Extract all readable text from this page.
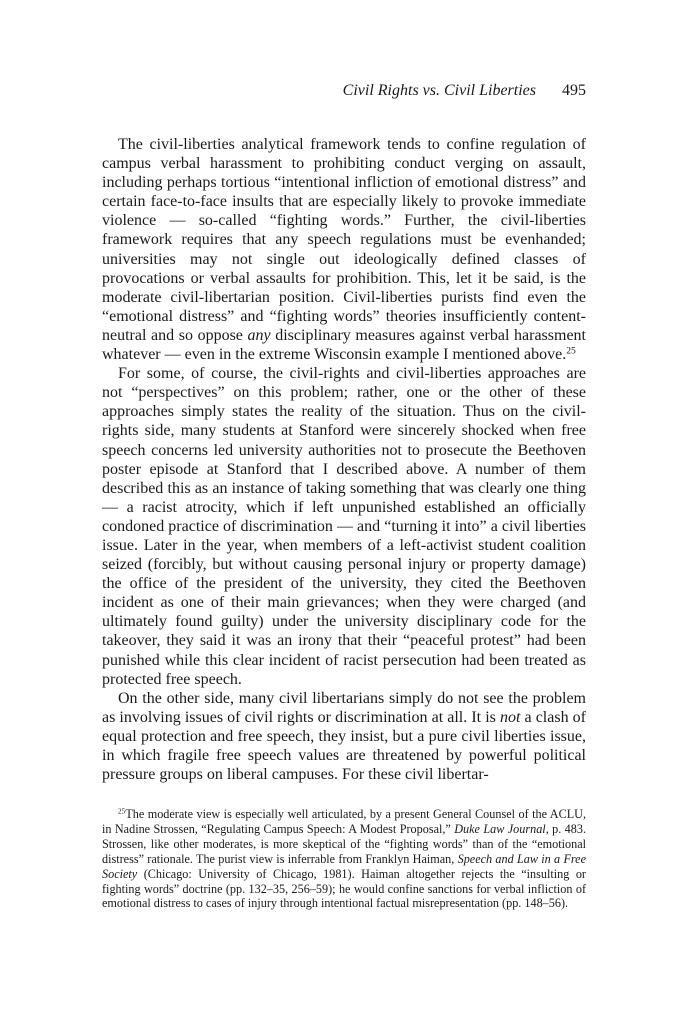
Civil Rights vs. Civil Liberties 495

The civil-liberties analytical framework tends to confine regulation of campus verbal harassment to prohibiting conduct verging on assault, including perhaps tortious “intentional infliction of emotional distress” and certain face-to-face insults that are especially likely to provoke immediate violence — so-called “fighting words.” Further, the civil-liberties framework requires that any speech regulations must be evenhanded; universities may not single out ideologically defined classes of provocations or verbal assaults for prohibition. This, let it be said, is the moderate civil-libertarian position. Civil-liberties purists find even the “emotional distress” and “fighting words” theories insufficiently content-neutral and so oppose any disciplinary measures against verbal harassment whatever — even in the extreme Wisconsin example I mentioned above.$^{25}$

For some, of course, the civil-rights and civil-liberties approaches are not “perspectives” on this problem; rather, one or the other of these approaches simply states the reality of the situation. Thus on the civil-rights side, many students at Stanford were sincerely shocked when free speech concerns led university authorities not to prosecute the Beethoven poster episode at Stanford that I described above. A number of them described this as an instance of taking something that was clearly one thing — a racist atrocity, which if left unpunished established an officially condoned practice of discrimination — and “turning it into” a civil liberties issue. Later in the year, when members of a left-activist student coalition seized (forcibly, but without causing personal injury or property damage) the office of the president of the university, they cited the Beethoven incident as one of their main grievances; when they were charged (and ultimately found guilty) under the university disciplinary code for the takeover, they said it was an irony that their “peaceful protest” had been punished while this clear incident of racist persecution had been treated as protected free speech.

On the other side, many civil libertarians simply do not see the problem as involving issues of civil rights or discrimination at all. It is not a clash of equal protection and free speech, they insist, but a pure civil liberties issue, in which fragile free speech values are threatened by powerful political pressure groups on liberal campuses. For these civil libertar-

$^{25}$The moderate view is especially well articulated, by a present General Counsel of the ACLU, in Nadine Strossen, “Regulating Campus Speech: A Modest Proposal,” Duke Law Journal, p. 483. Strossen, like other moderates, is more skeptical of the “fighting words” than of the “emotional distress” rationale. The purist view is inferrable from Franklyn Haiman, Speech and Law in a Free Society (Chicago: University of Chicago, 1981). Haiman altogether rejects the “insulting or fighting words” doctrine (pp. 132–35, 256–59); he would confine sanctions for verbal infliction of emotional distress to cases of injury through intentional factual misrepresentation (pp. 148–56).
